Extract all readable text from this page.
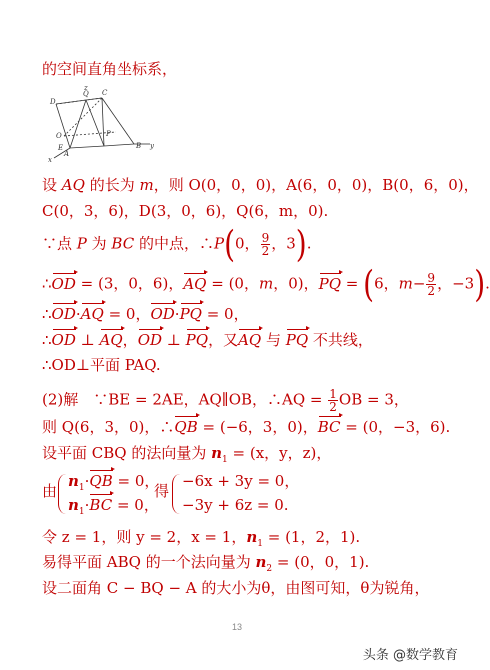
的空间直角坐标系，
D
Q C
O
E
P
A
B
x
y
z
设 AQ 的长为 m，则 O(0，0，0)，A(6，0，0)，B(0，6，0)，
C(0，3，6)，D(3，0，6)，Q(6，m，0).
∵点 P 为 BC 的中点，∴P(0， $\frac{9}{2}$ ，3).
∴OD = (3，0，6)，AQ = (0，m，0)，PQ = (6，$m- \frac{9}{2}$ ，−3).
∴OD·AQ = 0，OD·PQ = 0，
∴OD ⊥ AQ，OD ⊥ PQ，又AQ 与 PQ 不共线，
∴OD⊥平面 PAQ.
(2)解　∵BE = 2AE，AQ∥OB，∴AQ = $\frac{1}{2}$ OB = 3，
则 Q(6，3，0)，∴QB = (−6，3，0)，BC = (0，−3，6).
设平面 CBQ 的法向量为 $n_1 = (x$，y，z)，
由
$n_1\cdot QB = 0$，
$n_1\cdot BC = 0$，
得
−6x + 3y = 0，
−3y + 6z = 0.
令 z = 1，则 y = 2，x = 1，$n_1 = (1$，2，1).
易得平面 ABQ 的一个法向量为 $n_2 = (0$，0，1).
设二面角 C − BQ − A 的大小为θ，由图可知，θ为锐角，
13
头条 @数学教育
